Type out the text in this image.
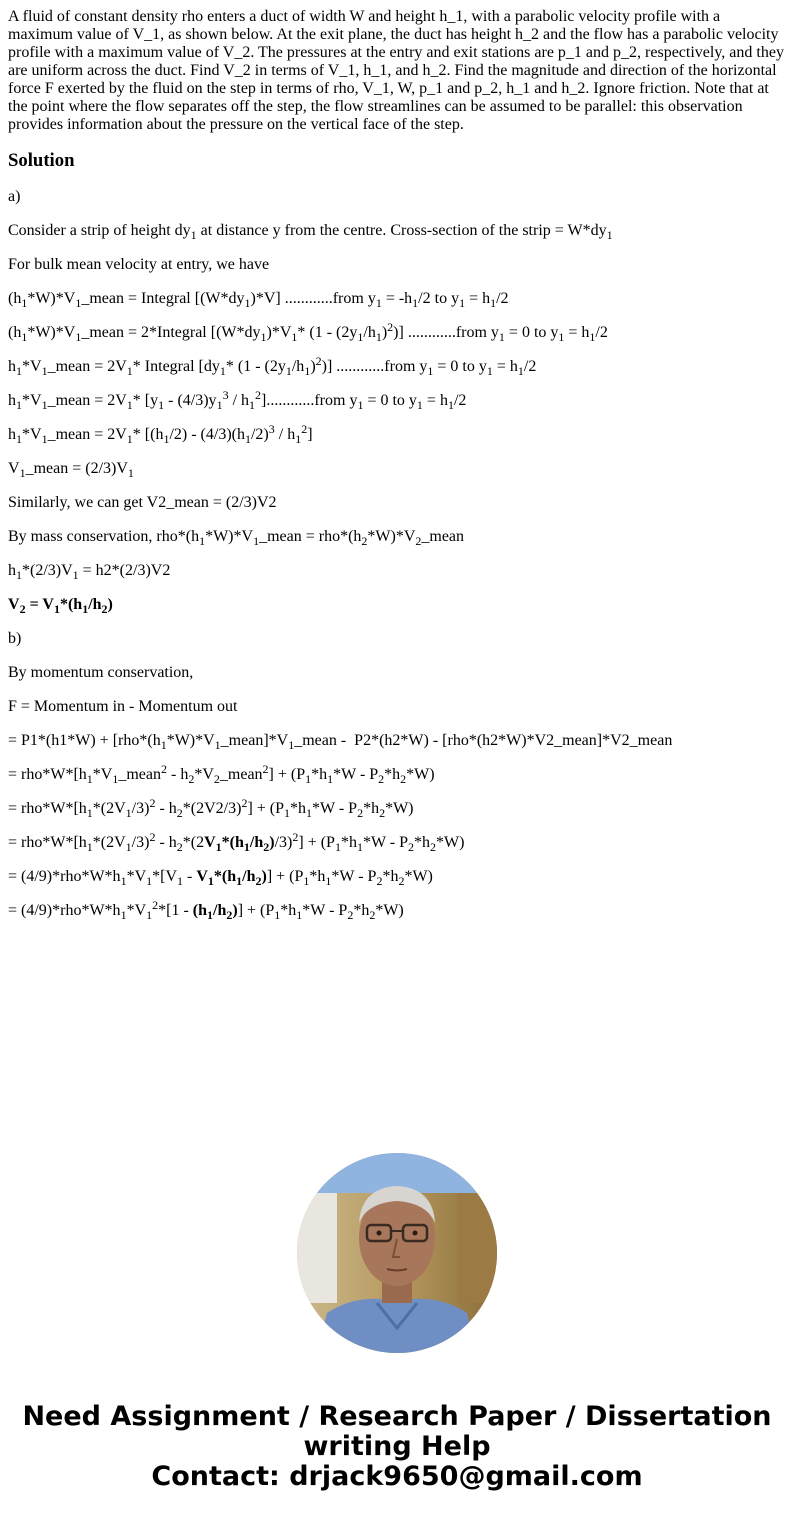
A fluid of constant density rho enters a duct of width W and height h_1, with a parabolic velocity profile with a maximum value of V_1, as shown below. At the exit plane, the duct has height h_2 and the flow has a parabolic velocity profile with a maximum value of V_2. The pressures at the entry and exit stations are p_1 and p_2, respectively, and they are uniform across the duct. Find V_2 in terms of V_1, h_1, and h_2. Find the magnitude and direction of the horizontal force F exerted by the fluid on the step in terms of rho, V_1, W, p_1 and p_2, h_1 and h_2. Ignore friction. Note that at the point where the flow separates off the step, the flow streamlines can be assumed to be parallel: this observation provides information about the pressure on the vertical face of the step.

Solution

a)

Consider a strip of height $dy_1$ at distance y from the centre. Cross-section of the strip = $W*dy_1$

For bulk mean velocity at entry, we have

$(h_1*W)*V_1\_mean$ = Integral $[(W*dy_1)*V]$ ............from $y_1 = -h_1/2$ to $y_1 = h_1/2$

$(h_1*W)*V_1\_mean$ = 2*Integral [$(W*dy_1)*V_1*$ $(1 - (2y_1/h_1)^2)$] ............from $y_1 = 0$ to $y_1 = h_1/2$

$h_1*V_1\_mean = 2V_1*$ Integral [$dy_1*$ $(1 - (2y_1/h_1)^2)$] ............from $y_1 = 0$ to $y_1 = h_1/2$

$h_1*V_1\_mean = 2V_1*$ [$y_1 - (4/3)y_1^3$ / $h_1^2]............from$ $y_1 = 0$ to $y_1 = h_1/2$

$h_1*V_1\_mean = 2V_1*$ $[(h_1/2) - (4/3)(h_1/2)^3 / h_1^2]$

$V_1\_mean = (2/3)V_1$

Similarly, we can get V2_mean = (2/3)V2

By mass conservation, $rho*(h_1*W)*V_1\_mean$ = $rho*(h_2*W)*V_2\_mean$

$h_1*(2/3)V_1 = h2*(2/3)V2$

$V_2 = V_1*(h_1/h_2)$

b)

By momentum conservation,

F = Momentum in - Momentum out

= $P1*(h1*W) + [rho*(h_1*W)*V_1\_mean]*V_1\_mean - P2*(h2*W)$ - [rho*(h2*W)*V2_mean]*V2_mean

= $rho*W*[h_1*V_1\_mean^2$ - $h_2*V_2\_mean^2] + (P_1*h_1*W - P_2*h_2*W)$

= $rho*W*[h_1*(2V_1/3)^2 - h_2*(2V2/3)^2] + (P_1*h_1*W - P_2*h_2*W)$

= $rho*W*[h_1*(2V_1/3)^2 - h_2*(2V_1*(h_1/h_2)/3)^2] + (P_1*h_1*W - P_2*h_2*W)$

= $(4/9)*rho*W*h_1*V_1*[V_1 - V_1*(h_1/h_2)] + (P_1*h_1*W - P_2*h_2*W)$

= $(4/9)*rho*W*h_1*V_1^2*[1 - (h_1/h_2)] + (P_1*h_1*W - P_2*h_2*W)$

Need Assignment / Research Paper / Dissertation
writing Help
Contact: drjack9650@gmail.com
